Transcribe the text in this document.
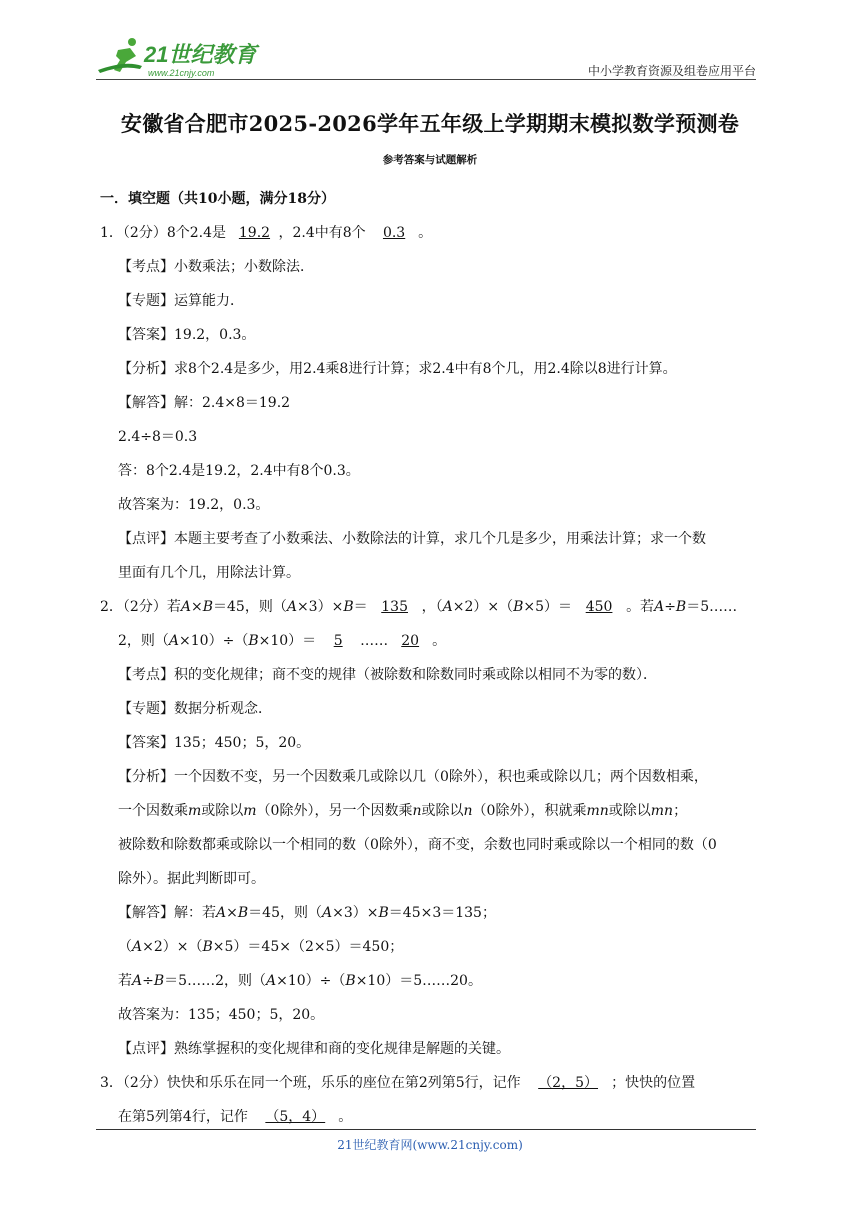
21世纪教育
www.21cnjy.com	中小学教育资源及组卷应用平台
安徽省合肥市2025-2026学年五年级上学期期末模拟数学预测卷
参考答案与试题解析
一．填空题（共10小题，满分18分）
1．（2分）8个2.4是 19.2 ，2.4中有8个 0.3 。
【考点】小数乘法；小数除法．
【专题】运算能力．
【答案】19.2，0.3。
【分析】求8个2.4是多少，用2.4乘8进行计算；求2.4中有8个几，用2.4除以8进行计算。
【解答】解：2.4×8＝19.2
2.4÷8＝0.3
答：8个2.4是19.2，2.4中有8个0.3。
故答案为：19.2，0.3。
【点评】本题主要考查了小数乘法、小数除法的计算，求几个几是多少，用乘法计算；求一个数
里面有几个几，用除法计算。
2．（2分）若A×B＝45，则（A×3）×B＝ 135 ，（A×2）×（B×5）＝ 450 。若A÷B＝5……
2，则（A×10）÷（B×10）＝ 5 …… 20 。
【考点】积的变化规律；商不变的规律（被除数和除数同时乘或除以相同不为零的数）．
【专题】数据分析观念．
【答案】135；450；5，20。
【分析】一个因数不变，另一个因数乘几或除以几（0除外），积也乘或除以几；两个因数相乘，
一个因数乘m或除以m（0除外），另一个因数乘n或除以n（0除外），积就乘mn或除以mn；
被除数和除数都乘或除以一个相同的数（0除外），商不变，余数也同时乘或除以一个相同的数（0
除外）。据此判断即可。
【解答】解：若A×B＝45，则（A×3）×B＝45×3＝135；
（A×2）×（B×5）＝45×（2×5）＝450；
若A÷B＝5……2，则（A×10）÷（B×10）＝5……20。
故答案为：135；450；5，20。
【点评】熟练掌握积的变化规律和商的变化规律是解题的关键。
3．（2分）快快和乐乐在同一个班，乐乐的座位在第2列第5行，记作 （2，5） ；快快的位置
在第5列第4行，记作 （5，4） 。
21世纪教育网(www.21cnjy.com)
